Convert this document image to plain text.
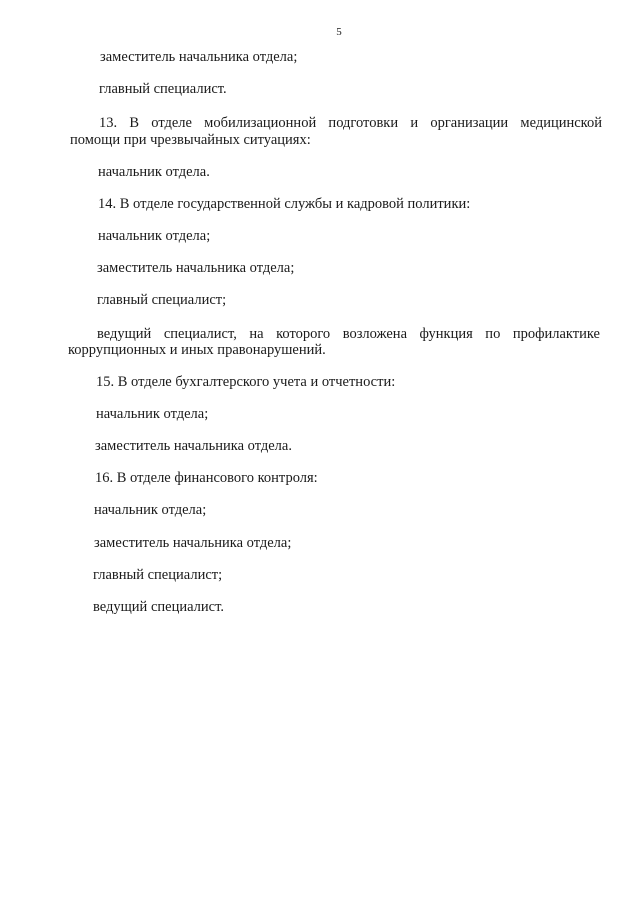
5
заместитель начальника отдела;
главный специалист.
13. В отделе мобилизационной подготовки и организации медицинской
помощи при чрезвычайных ситуациях:
начальник отдела.
14. В отделе государственной службы и кадровой политики:
начальник отдела;
заместитель начальника отдела;
главный специалист;
ведущий специалист, на которого возложена функция по профилактике
коррупционных и иных правонарушений.
15. В отделе бухгалтерского учета и отчетности:
начальник отдела;
заместитель начальника отдела.
16. В отделе финансового контроля:
начальник отдела;
заместитель начальника отдела;
главный специалист;
ведущий специалист.
